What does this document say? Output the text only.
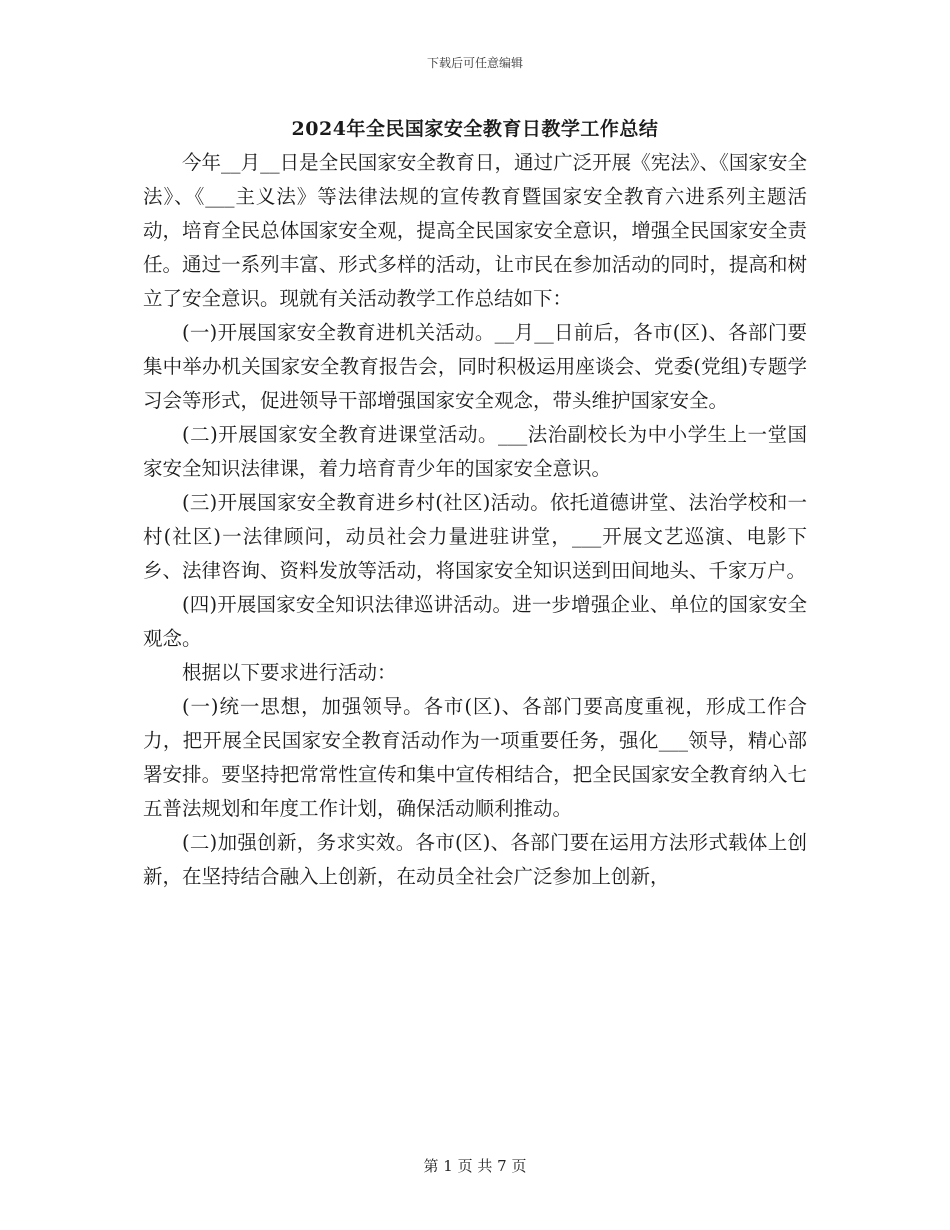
下载后可任意编辑
2024年全民国家安全教育日教学工作总结

今年__月__日是全民国家安全教育日，通过广泛开展《宪法》、《国家安全法》、《___主义法》等法律法规的宣传教育暨国家安全教育六进系列主题活动，培育全民总体国家安全观，提高全民国家安全意识，增强全民国家安全责任。通过一系列丰富、形式多样的活动，让市民在参加活动的同时，提高和树立了安全意识。现就有关活动教学工作总结如下：

(一)开展国家安全教育进机关活动。__月__日前后，各市(区)、各部门要集中举办机关国家安全教育报告会，同时积极运用座谈会、党委(党组)专题学习会等形式，促进领导干部增强国家安全观念，带头维护国家安全。

(二)开展国家安全教育进课堂活动。___法治副校长为中小学生上一堂国家安全知识法律课，着力培育青少年的国家安全意识。

(三)开展国家安全教育进乡村(社区)活动。依托道德讲堂、法治学校和一村(社区)一法律顾问，动员社会力量进驻讲堂，___开展文艺巡演、电影下乡、法律咨询、资料发放等活动，将国家安全知识送到田间地头、千家万户。

(四)开展国家安全知识法律巡讲活动。进一步增强企业、单位的国家安全观念。

根据以下要求进行活动：

(一)统一思想，加强领导。各市(区)、各部门要高度重视，形成工作合力，把开展全民国家安全教育活动作为一项重要任务，强化___领导，精心部署安排。要坚持把常常性宣传和集中宣传相结合，把全民国家安全教育纳入七五普法规划和年度工作计划，确保活动顺利推动。

(二)加强创新，务求实效。各市(区)、各部门要在运用方法形式载体上创新，在坚持结合融入上创新，在动员全社会广泛参加上创新，

第 1 页 共 7 页
